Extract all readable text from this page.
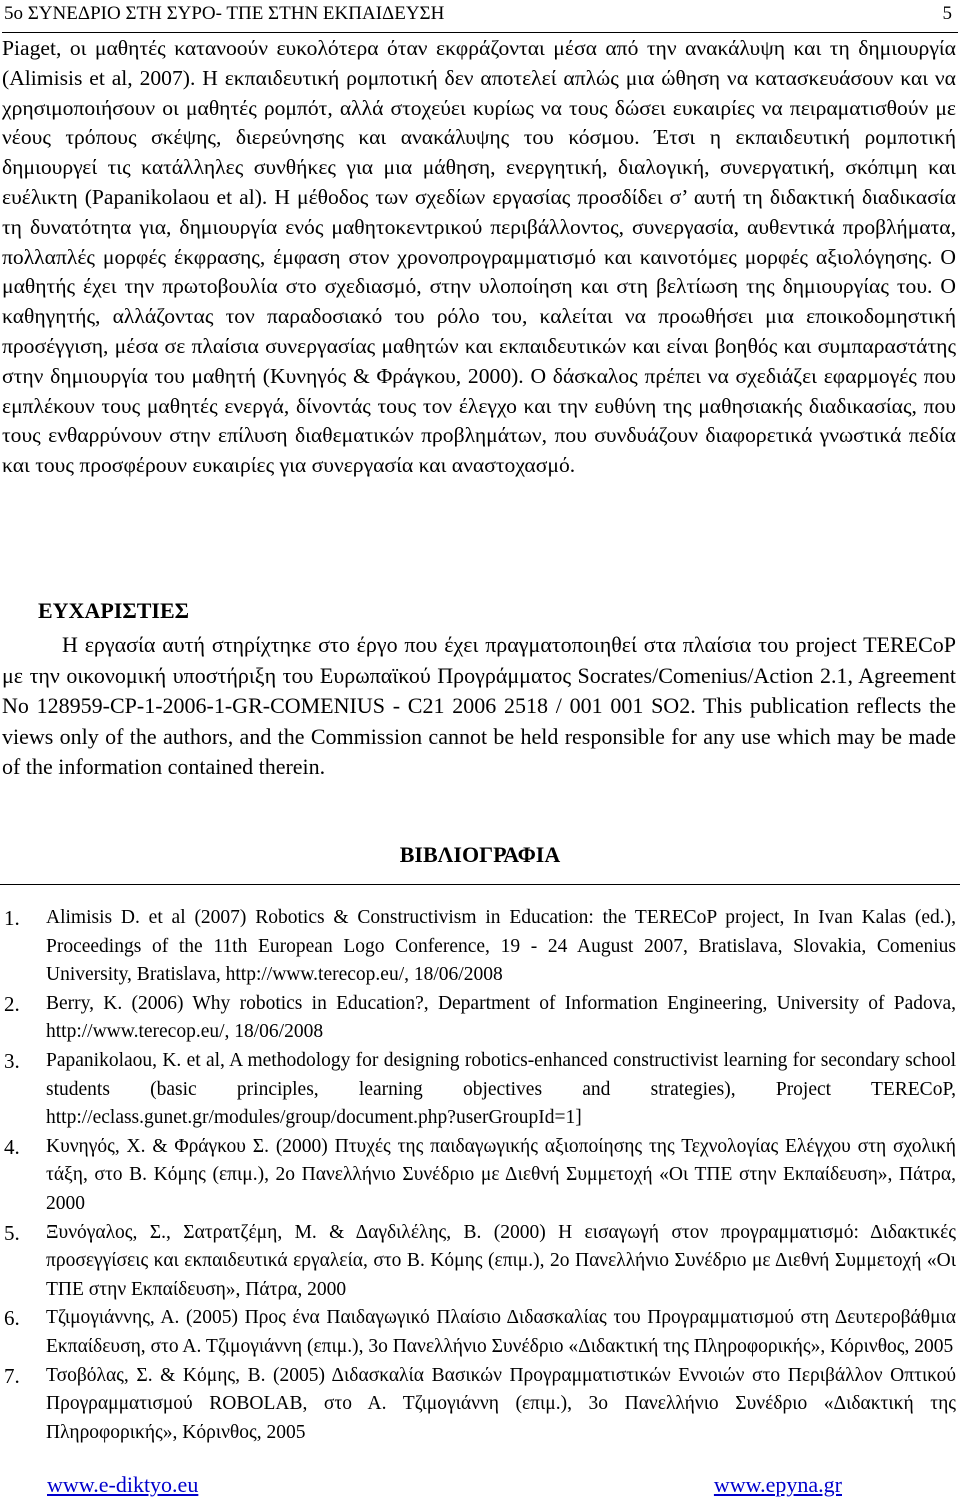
5ο ΣΥΝΕΔΡΙΟ ΣΤΗ ΣΥΡΟ- ΤΠΕ ΣΤΗΝ ΕΚΠΑΙΔΕΥΣΗ	5

Piaget, οι μαθητές κατανοούν ευκολότερα όταν εκφράζονται μέσα από την ανακάλυψη και τη δημιουργία (Alimisis et al, 2007). Η εκπαιδευτική ρομποτική δεν αποτελεί απλώς μια ώθηση να κατασκευάσουν και να χρησιμοποιήσουν οι μαθητές ρομπότ, αλλά στοχεύει κυρίως να τους δώσει ευκαιρίες να πειραματισθούν με νέους τρόπους σκέψης, διερεύνησης και ανακάλυψης του κόσμου. Έτσι η εκπαιδευτική ρομποτική δημιουργεί τις κατάλληλες συνθήκες για μια μάθηση, ενεργητική, διαλογική, συνεργατική, σκόπιμη και ευέλικτη (Papanikolaou et al). Η μέθοδος των σχεδίων εργασίας προσδίδει σ’ αυτή τη διδακτική διαδικασία τη δυνατότητα για, δημιουργία ενός μαθητοκεντρικού περιβάλλοντος, συνεργασία, αυθεντικά προβλήματα, πολλαπλές μορφές έκφρασης, έμφαση στον χρονοπρογραμματισμό και καινοτόμες μορφές αξιολόγησης. Ο μαθητής έχει την πρωτοβουλία στο σχεδιασμό, στην υλοποίηση και στη βελτίωση της δημιουργίας του. Ο καθηγητής, αλλάζοντας τον παραδοσιακό του ρόλο του, καλείται να προωθήσει μια εποικοδομηστική προσέγγιση, μέσα σε πλαίσια συνεργασίας μαθητών και εκπαιδευτικών και είναι βοηθός και συμπαραστάτης στην δημιουργία του μαθητή (Κυνηγός & Φράγκου, 2000). Ο δάσκαλος πρέπει να σχεδιάζει εφαρμογές που εμπλέκουν τους μαθητές ενεργά, δίνοντάς τους τον έλεγχο και την ευθύνη της μαθησιακής διαδικασίας, που τους ενθαρρύνουν στην επίλυση διαθεματικών προβλημάτων, που συνδυάζουν διαφορετικά γνωστικά πεδία και τους προσφέρουν ευκαιρίες για συνεργασία και αναστοχασμό.

ΕΥΧΑΡΙΣΤΙΕΣ

Η εργασία αυτή στηρίχτηκε στο έργο που έχει πραγματοποιηθεί στα πλαίσια του project TERECoP με την οικονομική υποστήριξη του Ευρωπαϊκού Προγράμματος Socrates/Comenius/Action 2.1, Agreement No 128959-CP-1-2006-1-GR-COMENIUS - C21 2006 2518 / 001 001 SO2. This publication reflects the views only of the authors, and the Commission cannot be held responsible for any use which may be made of the information contained therein.

ΒΙΒΛΙΟΓΡΑΦΙΑ
1. Alimisis D. et al (2007) Robotics & Constructivism in Education: the TERECoP project, In Ivan Kalas (ed.), Proceedings of the 11th European Logo Conference, 19 - 24 August 2007, Bratislava, Slovakia, Comenius University, Bratislava, http://www.terecop.eu/, 18/06/2008
2. Berry, K. (2006) Why robotics in Education?, Department of Information Engineering, University of Padova, http://www.terecop.eu/, 18/06/2008
3. Papanikolaou, K. et al, A methodology for designing robotics-enhanced constructivist learning for secondary school students (basic principles, learning objectives and strategies), Project TERECoP, http://eclass.gunet.gr/modules/group/document.php?userGroupId=1]
4. Κυνηγός, Χ. & Φράγκου Σ. (2000) Πτυχές της παιδαγωγικής αξιοποίησης της Τεχνολογίας Ελέγχου στη σχολική τάξη, στο Β. Κόμης (επιμ.), 2ο Πανελλήνιο Συνέδριο με Διεθνή Συμμετοχή «Οι ΤΠΕ στην Εκπαίδευση», Πάτρα, 2000
5. Ξυνόγαλος, Σ., Σατρατζέμη, Μ. & Δαγδιλέλης, Β. (2000) Η εισαγωγή στον προγραμματισμό: Διδακτικές προσεγγίσεις και εκπαιδευτικά εργαλεία, στο Β. Κόμης (επιμ.), 2ο Πανελλήνιο Συνέδριο με Διεθνή Συμμετοχή «Οι ΤΠΕ στην Εκπαίδευση», Πάτρα, 2000
6. Τζιμογιάννης, Α. (2005) Προς ένα Παιδαγωγικό Πλαίσιο Διδασκαλίας του Προγραμματισμού στη Δευτεροβάθμια Εκπαίδευση, στο Α. Τζιμογιάννη (επιμ.), 3ο Πανελλήνιο Συνέδριο «Διδακτική της Πληροφορικής», Κόρινθος, 2005
7. Τσοβόλας, Σ. & Κόμης, Β. (2005) Διδασκαλία Βασικών Προγραμματιστικών Εννοιών στο Περιβάλλον Οπτικού Προγραμματισμού ROBOLAB, στο Α. Τζιμογιάννη (επιμ.), 3ο Πανελλήνιο Συνέδριο «Διδακτική της Πληροφορικής», Κόρινθος, 2005
www.e-diktyo.eu	www.epyna.gr
